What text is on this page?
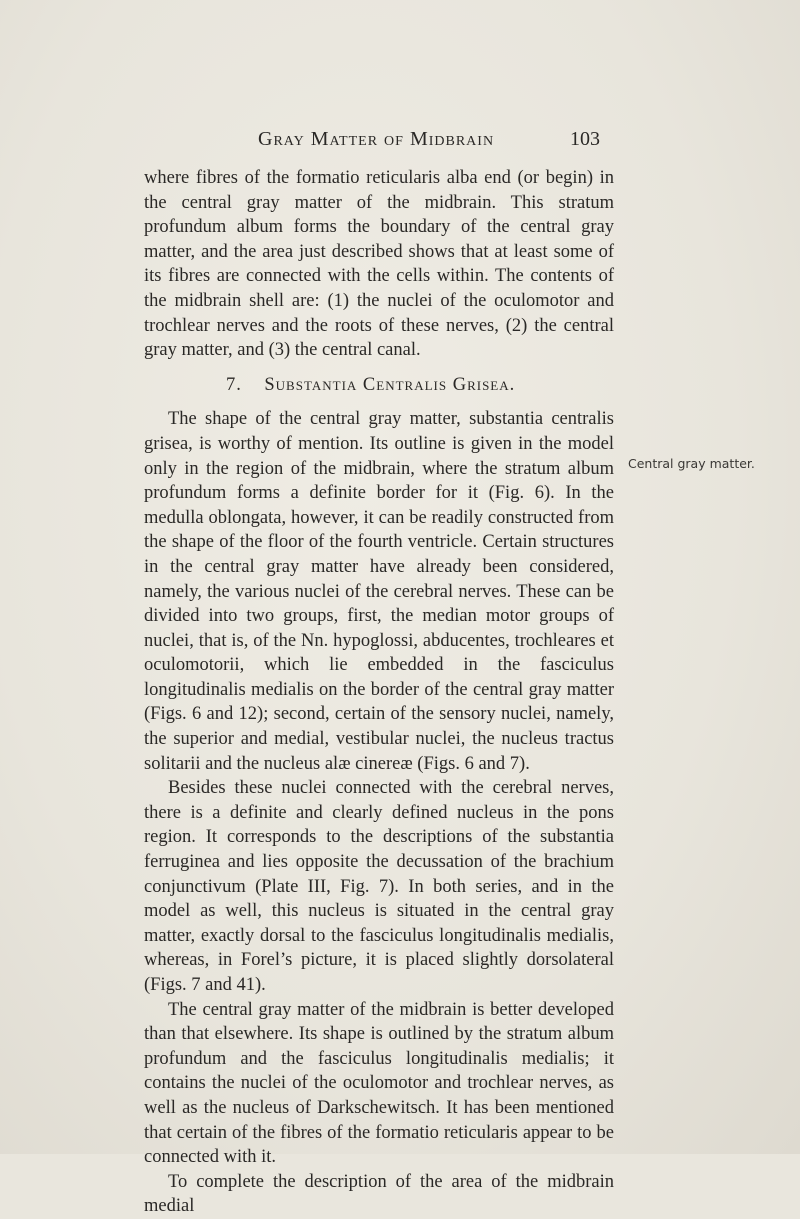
Gray Matter of Midbrain	103

where fibres of the formatio reticularis alba end (or begin) in the central gray matter of the midbrain. This stratum profundum album forms the boundary of the central gray matter, and the area just described shows that at least some of its fibres are connected with the cells within. The contents of the midbrain shell are: (1) the nuclei of the oculomotor and trochlear nerves and the roots of these nerves, (2) the central gray matter, and (3) the central canal.

7. Substantia Centralis Grisea.

The shape of the central gray matter, substantia centralis grisea, is worthy of mention. Its outline is given in the model only in the region of the midbrain, where the stratum album profundum forms a definite border for it (Fig. 6). In the medulla oblongata, however, it can be readily constructed from the shape of the floor of the fourth ventricle. Certain structures in the central gray matter have already been considered, namely, the various nuclei of the cerebral nerves. These can be divided into two groups, first, the median motor groups of nuclei, that is, of the Nn. hypoglossi, abducentes, trochleares et oculomotorii, which lie embedded in the fasciculus longitudinalis medialis on the border of the central gray matter (Figs. 6 and 12); second, certain of the sensory nuclei, namely, the superior and medial, vestibular nuclei, the nucleus tractus solitarii and the nucleus alæ cinereæ (Figs. 6 and 7).

Besides these nuclei connected with the cerebral nerves, there is a definite and clearly defined nucleus in the pons region. It corresponds to the descriptions of the substantia ferruginea and lies opposite the decussation of the brachium conjunctivum (Plate III, Fig. 7). In both series, and in the model as well, this nucleus is situated in the central gray matter, exactly dorsal to the fasciculus longitudinalis medialis, whereas, in Forel’s picture, it is placed slightly dorsolateral (Figs. 7 and 41).

The central gray matter of the midbrain is better developed than that elsewhere. Its shape is outlined by the stratum album profundum and the fasciculus longitudinalis medialis; it contains the nuclei of the oculomotor and trochlear nerves, as well as the nucleus of Darkschewitsch. It has been mentioned that certain of the fibres of the formatio reticularis appear to be connected with it.

To complete the description of the area of the midbrain medial

Central gray matter.
